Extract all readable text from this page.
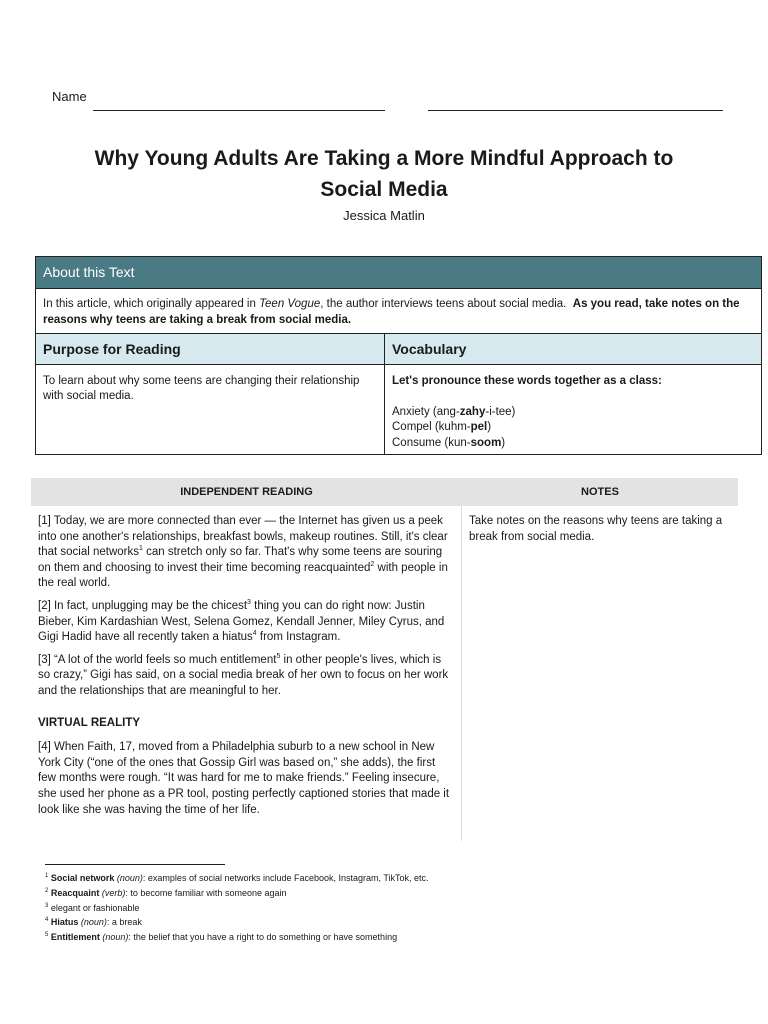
Name
Why Young Adults Are Taking a More Mindful Approach to Social Media
Jessica Matlin
About this Text
In this article, which originally appeared in Teen Vogue, the author interviews teens about social media. As you read, take notes on the reasons why teens are taking a break from social media.
Purpose for Reading	Vocabulary
To learn about why some teens are changing their relationship with social media.
Let's pronounce these words together as a class:
Anxiety (ang-zahy-i-tee)
Compel (kuhm-pel)
Consume (kun-soom)
INDEPENDENT READING	NOTES

[1] Today, we are more connected than ever — the Internet has given us a peek into one another's relationships, breakfast bowls, makeup routines. Still, it's clear that social networks$^1$ can stretch only so far. That's why some teens are souring on them and choosing to invest their time becoming reacquainted$^2$ with people in the real world.

[2] In fact, unplugging may be the chicest$^3$ thing you can do right now: Justin Bieber, Kim Kardashian West, Selena Gomez, Kendall Jenner, Miley Cyrus, and Gigi Hadid have all recently taken a hiatus$^4$ from Instagram.

[3] “A lot of the world feels so much entitlement$^5$ in other people's lives, which is so crazy,” Gigi has said, on a social media break of her own to focus on her work and the relationships that are meaningful to her.

VIRTUAL REALITY

[4] When Faith, 17, moved from a Philadelphia suburb to a new school in New York City (“one of the ones that Gossip Girl was based on,” she adds), the first few months were rough. “It was hard for me to make friends.” Feeling insecure, she used her phone as a PR tool, posting perfectly captioned stories that made it look like she was having the time of her life.

Take notes on the reasons why teens are taking a break from social media.
$^1$ Social network (noun): examples of social networks include Facebook, Instagram, TikTok, etc.
$^2$ Reacquaint (verb): to become familiar with someone again
$^3$ elegant or fashionable
$^4$ Hiatus (noun): a break
$^5$ Entitlement (noun): the belief that you have a right to do something or have something
